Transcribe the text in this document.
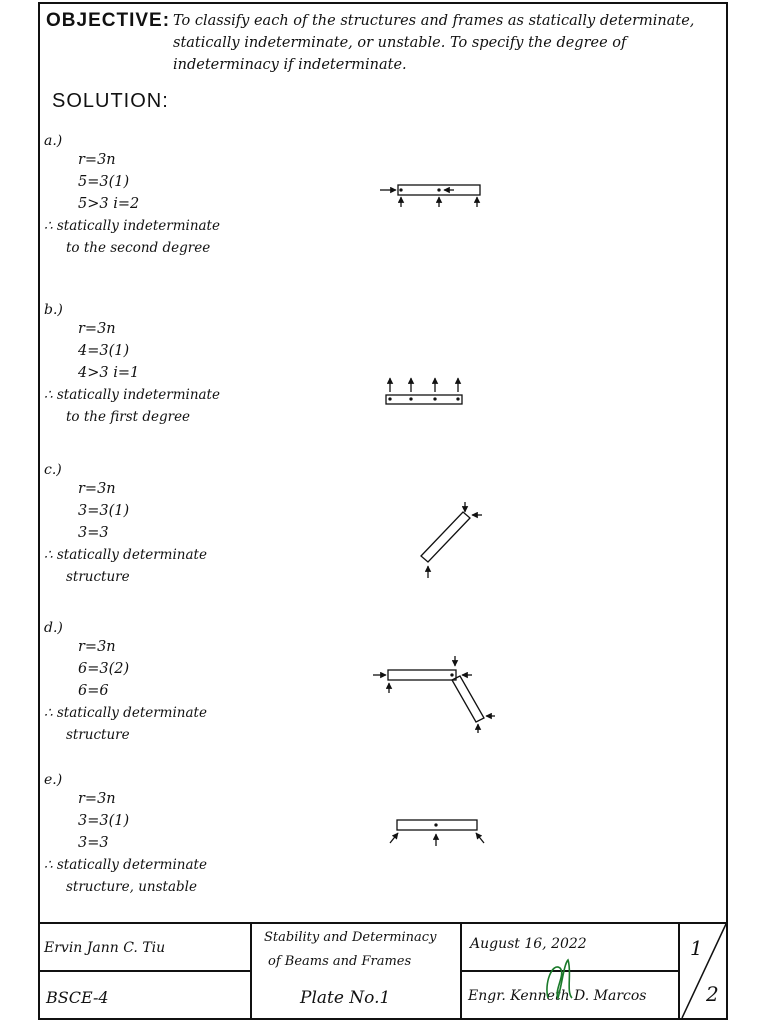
OBJECTIVE: To classify each of the structures and frames as statically determinate, statically indeterminate, or unstable. To specify the degree of indeterminacy if indeterminate.
SOLUTION:
a.)
r=3n
5=3(1)
5>3 i=2
∴ statically indeterminate
to the second degree
b.)
r=3n
4=3(1)
4>3 i=1
∴ statically indeterminate
to the first degree
c.)
r=3n
3=3(1)
3=3
∴ statically determinate
structure
d.)
r=3n
6=3(2)
6=6
∴ statically determinate
structure
e.)
r=3n
3=3(1)
3=3
∴ statically determinate
structure, unstable
Ervin Jann C. Tiu
BSCE-4
Stability and Determinacy
of Beams and Frames
Plate No.1
August 16, 2022
Engr. Kenneth D. Marcos
1
2
